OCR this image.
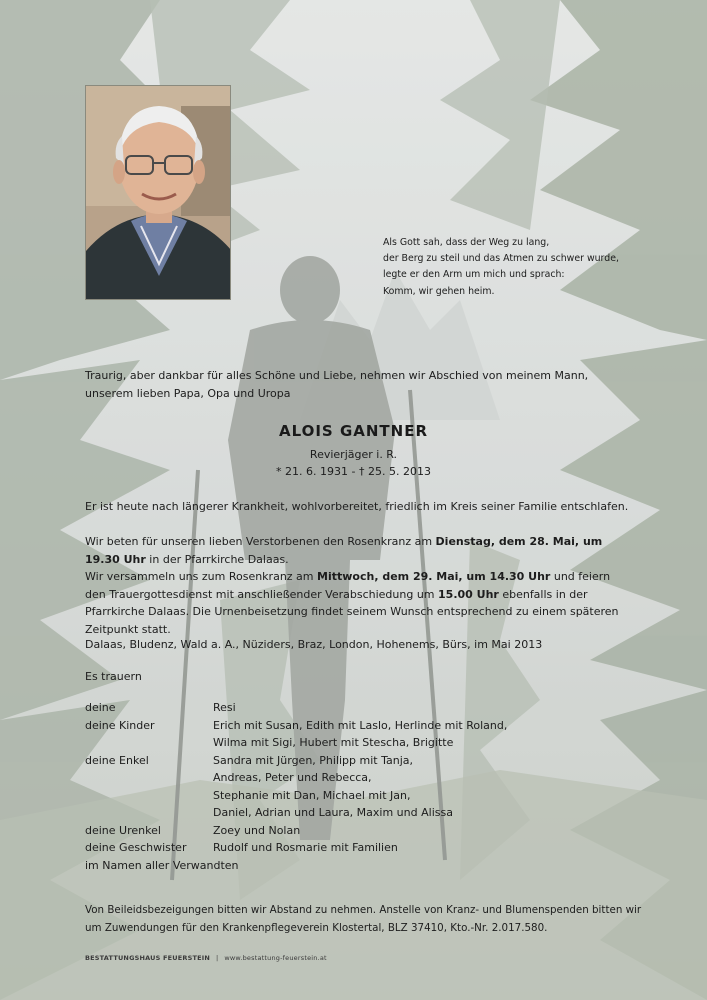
Als Gott sah, dass der Weg zu lang,
der Berg zu steil und das Atmen zu schwer wurde,
legte er den Arm um mich und sprach:
Komm, wir gehen heim.
Traurig, aber dankbar für alles Schöne und Liebe, nehmen wir Abschied von meinem Mann, unserem lieben Papa, Opa und Uropa
ALOIS GANTNER
Revierjäger i. R.
* 21. 6. 1931 - † 25. 5. 2013
Er ist heute nach längerer Krankheit, wohlvorbereitet, friedlich im Kreis seiner Familie entschlafen.
Wir beten für unseren lieben Verstorbenen den Rosenkranz am Dienstag, dem 28. Mai, um 19.30 Uhr in der Pfarrkirche Dalaas.
Wir versammeln uns zum Rosenkranz am Mittwoch, dem 29. Mai, um 14.30 Uhr und feiern den Trauergottesdienst mit anschließender Verabschiedung um 15.00 Uhr ebenfalls in der Pfarrkirche Dalaas. Die Urnenbeisetzung findet seinem Wunsch entsprechend zu einem späteren Zeitpunkt statt.
Dalaas, Bludenz, Wald a. A., Nüziders, Braz, London, Hohenems, Bürs, im Mai 2013
Es trauern
deine	Resi
deine Kinder	Erich mit Susan, Edith mit Laslo, Herlinde mit Roland,
Wilma mit Sigi, Hubert mit Stescha, Brigitte
deine Enkel	Sandra mit Jürgen, Philipp mit Tanja,
Andreas, Peter und Rebecca,
Stephanie mit Dan, Michael mit Jan,
Daniel, Adrian und Laura, Maxim und Alissa
deine Urenkel	Zoey und Nolan
deine Geschwister	Rudolf und Rosmarie mit Familien
im Namen aller Verwandten
Von Beileidsbezeigungen bitten wir Abstand zu nehmen. Anstelle von Kranz- und Blumenspenden bitten wir um Zuwendungen für den Krankenpflegeverein Klostertal, BLZ 37410, Kto.-Nr. 2.017.580.
BESTATTUNGSHAUS FEUERSTEIN | www.bestattung-feuerstein.at
